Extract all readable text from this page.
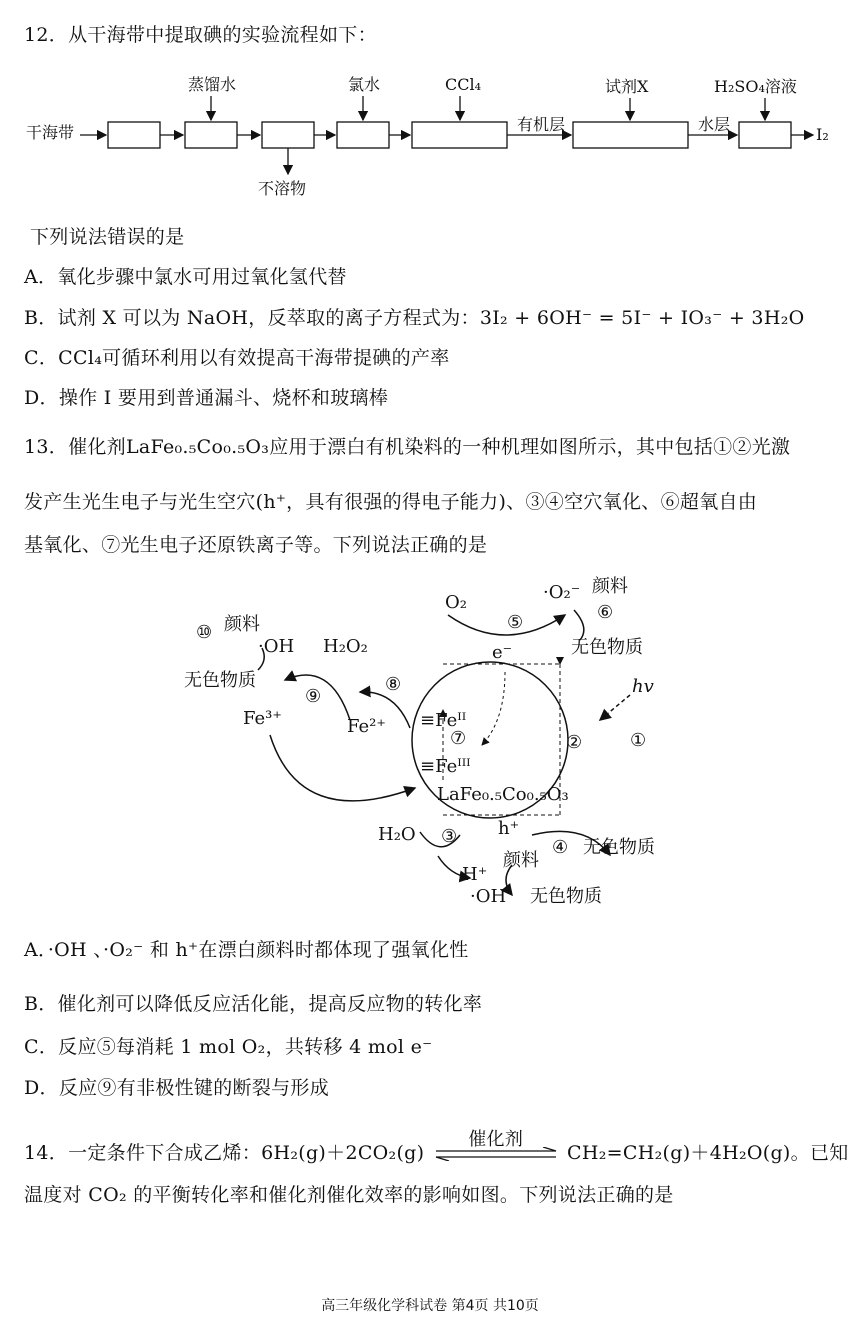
12．从干海带中提取碘的实验流程如下：
干海带
蒸馏水	氯水	CCl₄	试剂X	H₂SO₄溶液
不溶物
有机层	水层
I₂
下列说法错误的是
A．氧化步骤中氯水可用过氧化氢代替
B．试剂 X 可以为 NaOH，反萃取的离子方程式为：3I₂ + 6OH⁻ = 5I⁻ + IO₃⁻ + 3H₂O
C．CCl₄可循环利用以有效提高干海带提碘的产率
D．操作 I 要用到普通漏斗、烧杯和玻璃棒
13．催化剂LaFe₀.₅Co₀.₅O₃应用于漂白有机染料的一种机理如图所示，其中包括①②光激
发产生光生电子与光生空穴(h⁺，具有很强的得电子能力)、③④空穴氧化、⑥超氧自由
基氧化、⑦光生电子还原铁离子等。下列说法正确的是
O₂	·O₂⁻ 颜料
无色物质
⑤	⑥
颜料
⑩
·OH H₂O₂
无色物质
⑨
⑧
Fe³⁺	Fe²⁺
e⁻
≡Feᴵᴵ
⑦	②	①
hv
≡Feᴵᴵᴵ
LaFe₀.₅Co₀.₅O₃
h⁺
H₂O ③
④ 无色物质
颜料
H⁺
·OH 无色物质
A．·OH 、·O₂⁻ 和 h⁺在漂白颜料时都体现了强氧化性
B．催化剂可以降低反应活化能，提高反应物的转化率
C．反应⑤每消耗 1 mol O₂，共转移 4 mol e⁻
D．反应⑨有非极性键的断裂与形成
14．一定条件下合成乙烯：6H₂(g)＋2CO₂(g)
催化剂
CH₂=CH₂(g)＋4H₂O(g)。已知
温度对 CO₂ 的平衡转化率和催化剂催化效率的影响如图。下列说法正确的是
高三年级化学科试卷 第4页 共10页
